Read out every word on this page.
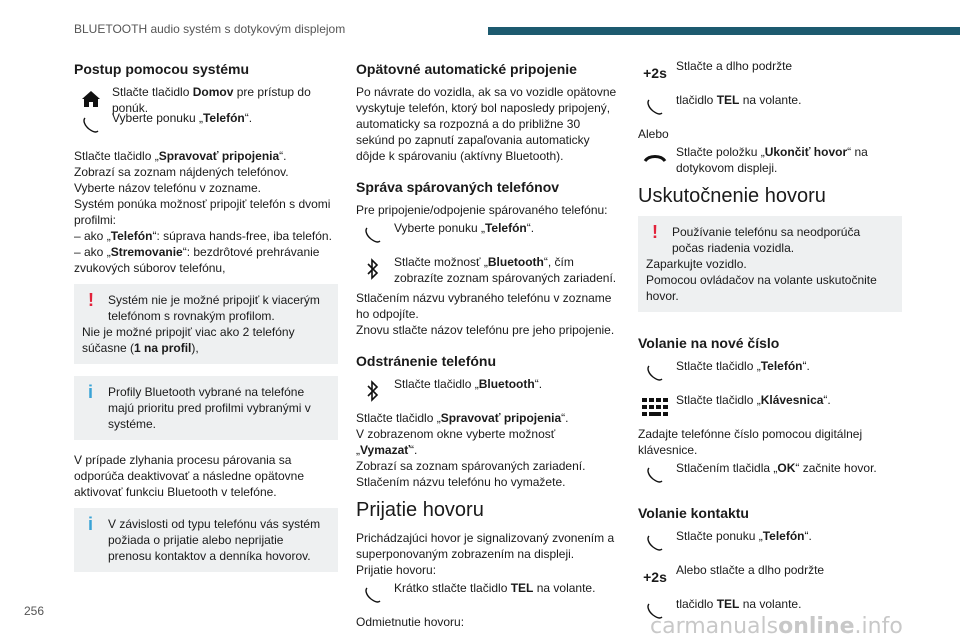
BLUETOOTH audio systém s dotykovým displejom
Postup pomocou systému
Stlačte tlačidlo Domov pre prístup do ponúk.
Vyberte ponuku „Telefón“.

Stlačte tlačidlo „Spravovať pripojenia“.

Zobrazí sa zoznam nájdených telefónov.

Vyberte názov telefónu v zozname.

Systém ponúka možnosť pripojiť telefón s dvomi profilmi:

– ako „Telefón“: súprava hands-free, iba telefón.

– ako „Stremovanie“: bezdrôtové prehrávanie zvukových súborov telefónu,

!	Systém nie je možné pripojiť k viacerým telefónom s rovnakým profilom.

Nie je možné pripojiť viac ako 2 telefóny súčasne (1 na profil),

i	Profily Bluetooth vybrané na telefóne majú prioritu pred profilmi vybranými v systéme.

V prípade zlyhania procesu párovania sa odporúča deaktivovať a následne opätovne aktivovať funkciu Bluetooth v telefóne.

i	V závislosti od typu telefónu vás systém požiada o prijatie alebo neprijatie prenosu kontaktov a denníka hovorov.
Opätovné automatické pripojenie

Po návrate do vozidla, ak sa vo vozidle opätovne vyskytuje telefón, ktorý bol naposledy pripojený, automaticky sa rozpozná a do približne 30 sekúnd po zapnutí zapaľovania automaticky dôjde k spárovaniu (aktívny Bluetooth).

Správa spárovaných telefónov

Pre pripojenie/odpojenie spárovaného telefónu:

Vyberte ponuku „Telefón“.
Stlačte možnosť „Bluetooth“, čím zobrazíte zoznam spárovaných zariadení.

Stlačením názvu vybraného telefónu v zozname ho odpojíte.

Znovu stlačte názov telefónu pre jeho pripojenie.

Odstránenie telefónu
Stlačte tlačidlo „Bluetooth“.

Stlačte tlačidlo „Spravovať pripojenia“.

V zobrazenom okne vyberte možnosť

„Vymazať“.

Zobrazí sa zoznam spárovaných zariadení.

Stlačením názvu telefónu ho vymažete.

Prijatie hovoru

Prichádzajúci hovor je signalizovaný zvonením a superponovaným zobrazením na displeji.

Prijatie hovoru:

Krátko stlačte tlačidlo TEL na volante.

Odmietnutie hovoru:

+2s Stlačte a dlho podržte
tlačidlo TEL na volante.

Alebo

Stlačte položku „Ukončiť hovor“ na dotykovom displeji.
Uskutočnenie hovoru
!	Používanie telefónu sa neodporúča počas riadenia vozidla.

Zaparkujte vozidlo.

Pomocou ovládačov na volante uskutočnite hovor.

Volanie na nové číslo
Stlačte tlačidlo „Telefón“.
Stlačte tlačidlo „Klávesnica“.

Zadajte telefónne číslo pomocou digitálnej klávesnice.

Stlačením tlačidla „OK“ začnite hovor.
Volanie kontaktu
Stlačte ponuku „Telefón“.
+2s Alebo stlačte a dlho podržte
tlačidlo TEL na volante.
256
carmanualsonline.info
